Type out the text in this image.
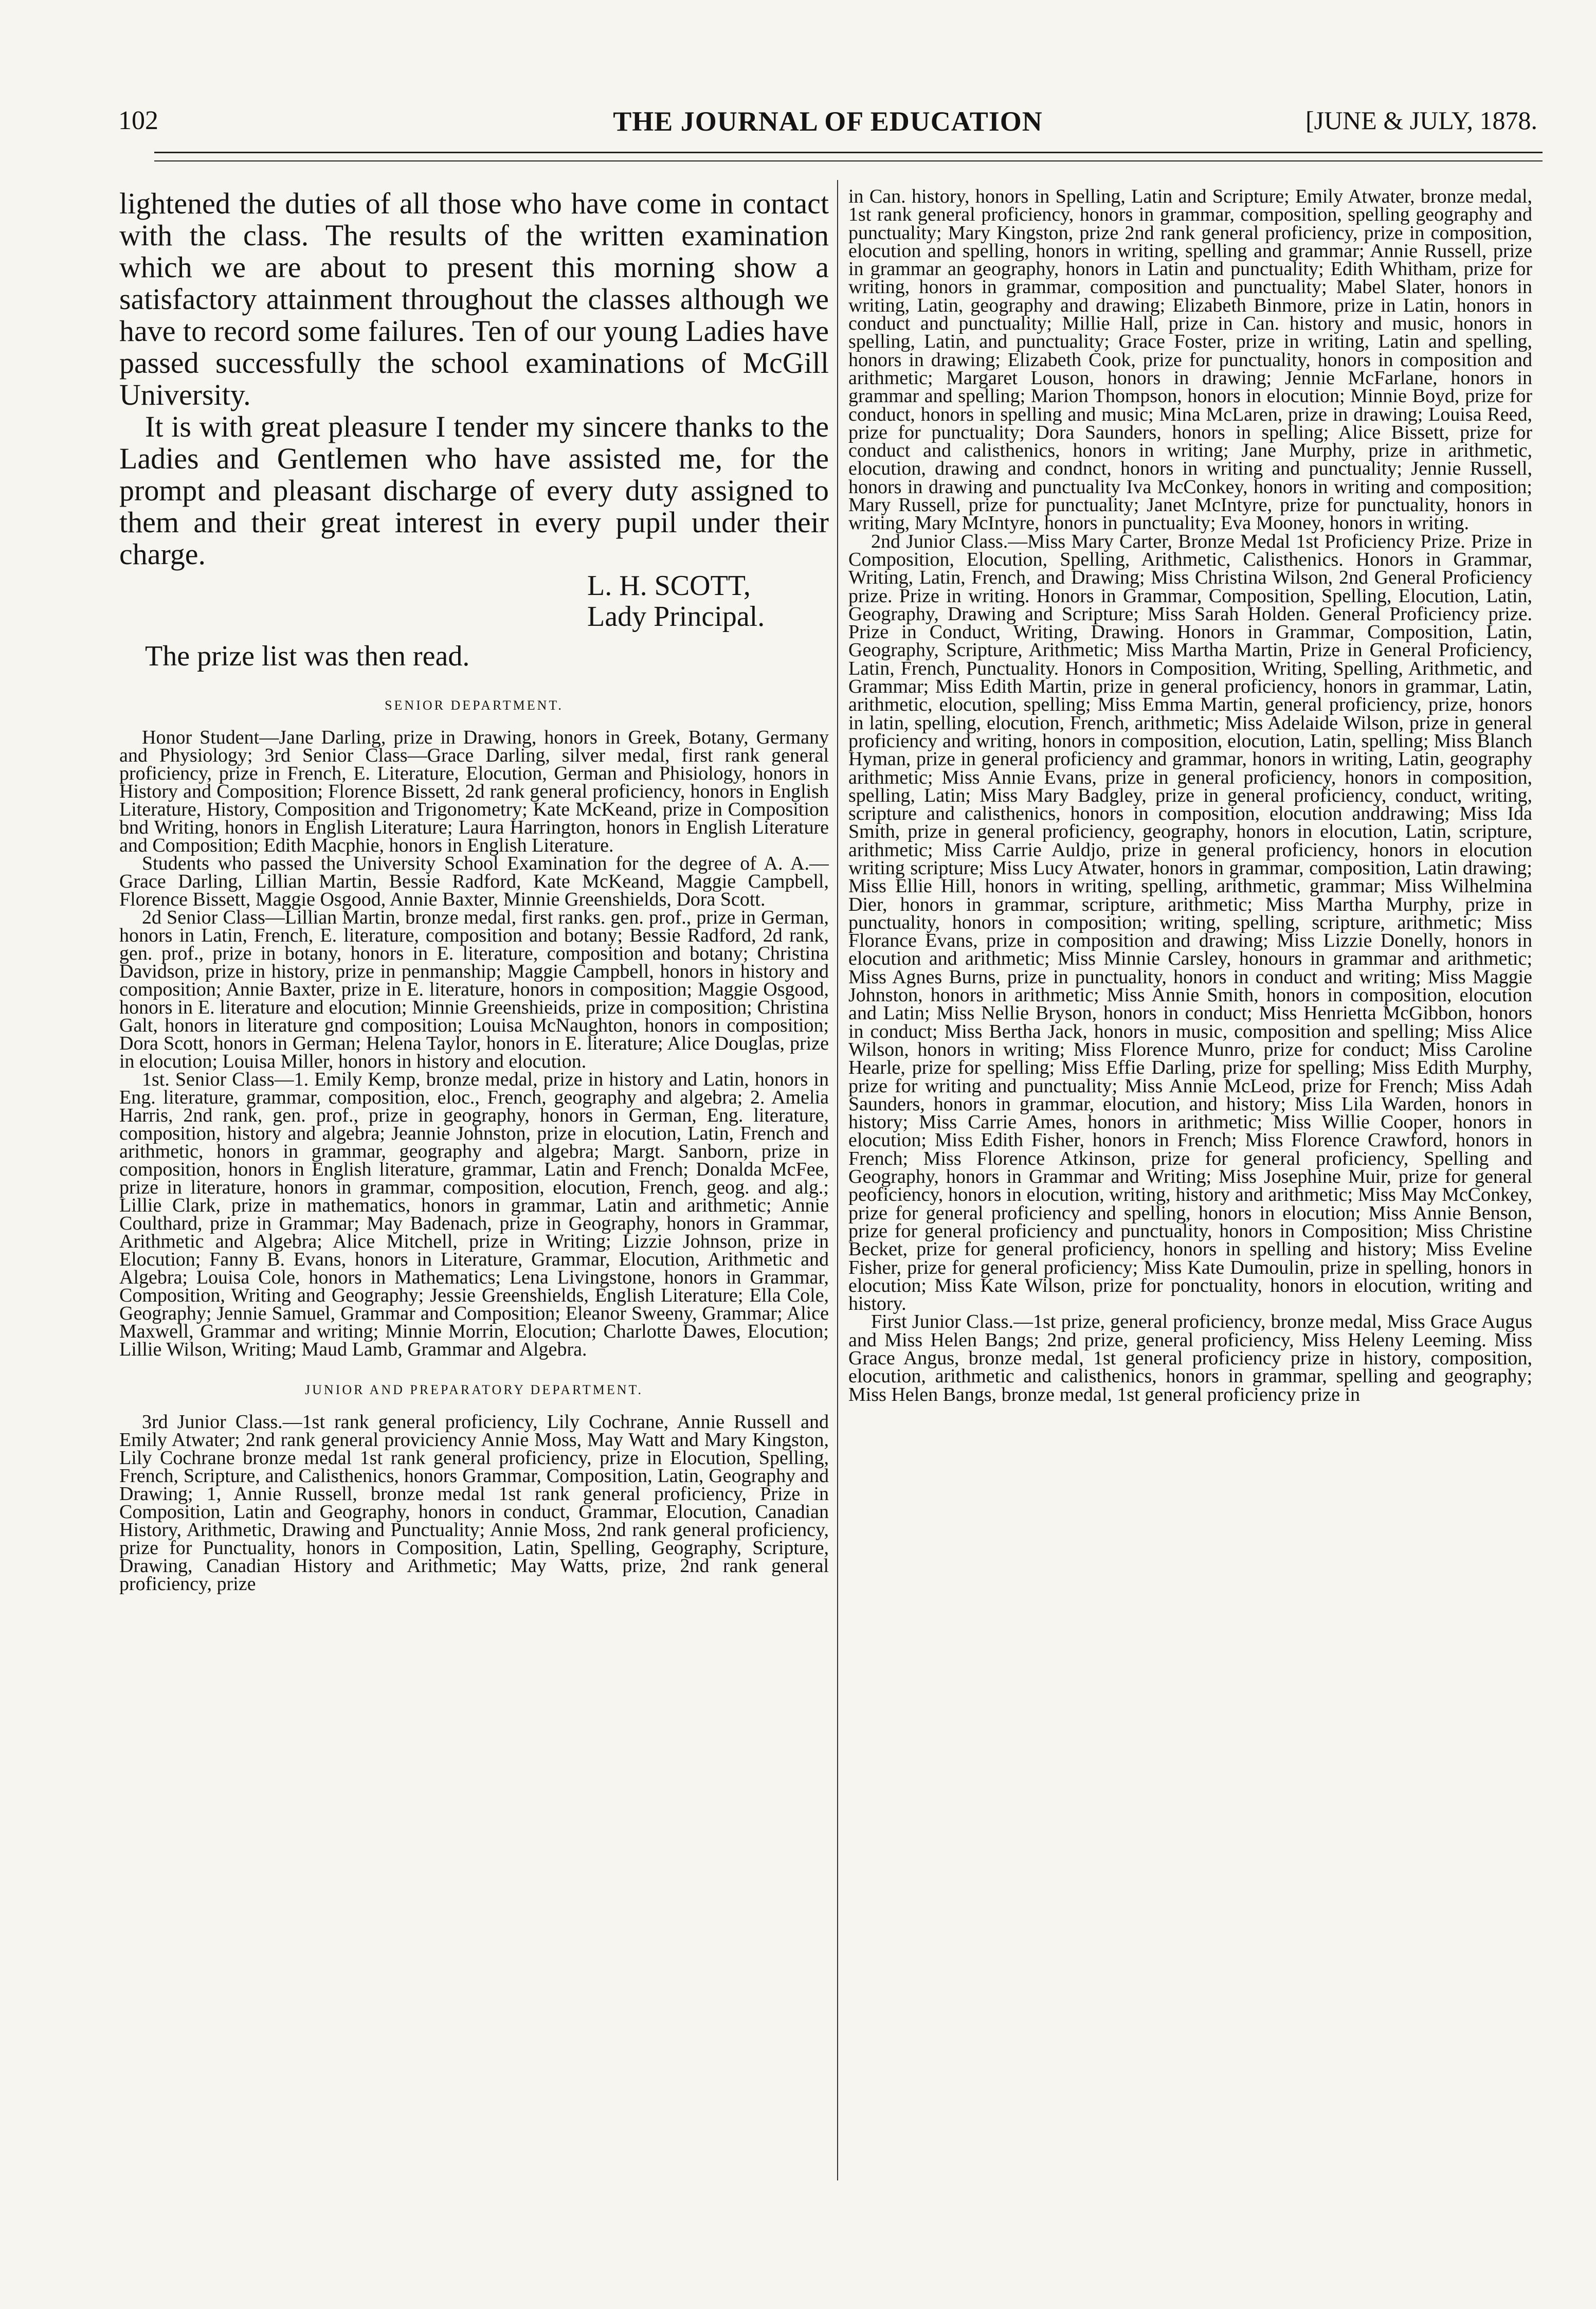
102	THE JOURNAL OF EDUCATION	[JUNE & JULY, 1878.

lightened the duties of all those who have come in contact with the class. The results of the written examination which we are about to present this morning show a satisfactory attainment throughout the classes although we have to record some failures. Ten of our young Ladies have passed successfully the school examinations of McGill University.

It is with great pleasure I tender my sincere thanks to the Ladies and Gentlemen who have assisted me, for the prompt and pleasant discharge of every duty assigned to them and their great interest in every pupil under their charge.

L. H. SCOTT,
Lady Principal.
The prize list was then read.
SENIOR DEPARTMENT.

Honor Student—Jane Darling, prize in Drawing, honors in Greek, Botany, Germany and Physiology; 3rd Senior Class—Grace Darling, silver medal, first rank general proficiency, prize in French, E. Literature, Elocution, German and Phisiology, honors in History and Composition; Florence Bissett, 2d rank general proficiency, honors in English Literature, History, Composition and Trigonometry; Kate McKeand, prize in Composition bnd Writing, honors in English Literature; Laura Harrington, honors in English Literature and Composition; Edith Macphie, honors in English Literature.

Students who passed the University School Examination for the degree of A. A.—Grace Darling, Lillian Martin, Bessie Radford, Kate McKeand, Maggie Campbell, Florence Bissett, Maggie Osgood, Annie Baxter, Minnie Greenshields, Dora Scott.

2d Senior Class—Lillian Martin, bronze medal, first ranks. gen. prof., prize in German, honors in Latin, French, E. literature, composition and botany; Bessie Radford, 2d rank, gen. prof., prize in botany, honors in E. literature, composition and botany; Christina Davidson, prize in history, prize in penmanship; Maggie Campbell, honors in history and composition; Annie Baxter, prize in E. literature, honors in composition; Maggie Osgood, honors in E. literature and elocution; Minnie Greenshieids, prize in composition; Christina Galt, honors in literature gnd composition; Louisa McNaughton, honors in composition; Dora Scott, honors in German; Helena Taylor, honors in E. literature; Alice Douglas, prize in elocution; Louisa Miller, honors in history and elocution.

1st. Senior Class—1. Emily Kemp, bronze medal, prize in history and Latin, honors in Eng. literature, grammar, composition, eloc., French, geography and algebra; 2. Amelia Harris, 2nd rank, gen. prof., prize in geography, honors in German, Eng. literature, composition, history and algebra; Jeannie Johnston, prize in elocution, Latin, French and arithmetic, honors in grammar, geography and algebra; Margt. Sanborn, prize in composition, honors in English literature, grammar, Latin and French; Donalda McFee, prize in literature, honors in grammar, composition, elocution, French, geog. and alg.; Lillie Clark, prize in mathematics, honors in grammar, Latin and arithmetic; Annie Coulthard, prize in Grammar; May Badenach, prize in Geography, honors in Grammar, Arithmetic and Algebra; Alice Mitchell, prize in Writing; Lizzie Johnson, prize in Elocution; Fanny B. Evans, honors in Literature, Grammar, Elocution, Arithmetic and Algebra; Louisa Cole, honors in Mathematics; Lena Livingstone, honors in Grammar, Composition, Writing and Geography; Jessie Greenshields, English Literature; Ella Cole, Geography; Jennie Samuel, Grammar and Composition; Eleanor Sweeny, Grammar; Alice Maxwell, Grammar and writing; Minnie Morrin, Elocution; Charlotte Dawes, Elocution; Lillie Wilson, Writing; Maud Lamb, Grammar and Algebra.

JUNIOR AND PREPARATORY DEPARTMENT.

3rd Junior Class.—1st rank general proficiency, Lily Cochrane, Annie Russell and Emily Atwater; 2nd rank general proviciency Annie Moss, May Watt and Mary Kingston, Lily Cochrane bronze medal 1st rank general proficiency, prize in Elocution, Spelling, French, Scripture, and Calisthenics, honors Grammar, Composition, Latin, Geography and Drawing; 1, Annie Russell, bronze medal 1st rank general proficiency, Prize in Composition, Latin and Geography, honors in conduct, Grammar, Elocution, Canadian History, Arithmetic, Drawing and Punctuality; Annie Moss, 2nd rank general proficiency, prize for Punctuality, honors in Composition, Latin, Spelling, Geography, Scripture, Drawing, Canadian History and Arithmetic; May Watts, prize, 2nd rank general proficiency, prize

in Can. history, honors in Spelling, Latin and Scripture; Emily Atwater, bronze medal, 1st rank general proficiency, honors in grammar, composition, spelling geography and punctuality; Mary Kingston, prize 2nd rank general proficiency, prize in composition, elocution and spelling, honors in writing, spelling and grammar; Annie Russell, prize in grammar an geography, honors in Latin and punctuality; Edith Whitham, prize for writing, honors in grammar, composition and punctuality; Mabel Slater, honors in writing, Latin, geography and drawing; Elizabeth Binmore, prize in Latin, honors in conduct and punctuality; Millie Hall, prize in Can. history and music, honors in spelling, Latin, and punctuality; Grace Foster, prize in writing, Latin and spelling, honors in drawing; Elizabeth Cook, prize for punctuality, honors in composition and arithmetic; Margaret Louson, honors in drawing; Jennie McFarlane, honors in grammar and spelling; Marion Thompson, honors in elocution; Minnie Boyd, prize for conduct, honors in spelling and music; Mina McLaren, prize in drawing; Louisa Reed, prize for punctuality; Dora Saunders, honors in spelling; Alice Bissett, prize for conduct and calisthenics, honors in writing; Jane Murphy, prize in arithmetic, elocution, drawing and condnct, honors in writing and punctuality; Jennie Russell, honors in drawing and punctuality Iva McConkey, honors in writing and composition; Mary Russell, prize for punctuality; Janet McIntyre, prize for punctuality, honors in writing, Mary McIntyre, honors in punctuality; Eva Mooney, honors in writing.

2nd Junior Class.—Miss Mary Carter, Bronze Medal 1st Proficiency Prize. Prize in Composition, Elocution, Spelling, Arithmetic, Calisthenics. Honors in Grammar, Writing, Latin, French, and Drawing; Miss Christina Wilson, 2nd General Proficiency prize. Prize in writing. Honors in Grammar, Composition, Spelling, Elocution, Latin, Geography, Drawing and Scripture; Miss Sarah Holden. General Proficiency prize. Prize in Conduct, Writing, Drawing. Honors in Grammar, Composition, Latin, Geography, Scripture, Arithmetic; Miss Martha Martin, Prize in General Proficiency, Latin, French, Punctuality. Honors in Composition, Writing, Spelling, Arithmetic, and Grammar; Miss Edith Martin, prize in general proficiency, honors in grammar, Latin, arithmetic, elocution, spelling; Miss Emma Martin, general proficiency, prize, honors in latin, spelling, elocution, French, arithmetic; Miss Adelaide Wilson, prize in general proficiency and writing, honors in composition, elocution, Latin, spelling; Miss Blanch Hyman, prize in general proficiency and grammar, honors in writing, Latin, geography arithmetic; Miss Annie Evans, prize in general proficiency, honors in composition, spelling, Latin; Miss Mary Badgley, prize in general proficiency, conduct, writing, scripture and calisthenics, honors in composition, elocution anddrawing; Miss Ida Smith, prize in general proficiency, geography, honors in elocution, Latin, scripture, arithmetic; Miss Carrie Auldjo, prize in general proficiency, honors in elocution writing scripture; Miss Lucy Atwater, honors in grammar, composition, Latin drawing; Miss Ellie Hill, honors in writing, spelling, arithmetic, grammar; Miss Wilhelmina Dier, honors in grammar, scripture, arithmetic; Miss Martha Murphy, prize in punctuality, honors in composition; writing, spelling, scripture, arithmetic; Miss Florance Evans, prize in composition and drawing; Miss Lizzie Donelly, honors in elocution and arithmetic; Miss Minnie Carsley, honours in grammar and arithmetic; Miss Agnes Burns, prize in punctuality, honors in conduct and writing; Miss Maggie Johnston, honors in arithmetic; Miss Annie Smith, honors in composition, elocution and Latin; Miss Nellie Bryson, honors in conduct; Miss Henrietta McGibbon, honors in conduct; Miss Bertha Jack, honors in music, composition and spelling; Miss Alice Wilson, honors in writing; Miss Florence Munro, prize for conduct; Miss Caroline Hearle, prize for spelling; Miss Effie Darling, prize for spelling; Miss Edith Murphy, prize for writing and punctuality; Miss Annie McLeod, prize for French; Miss Adah Saunders, honors in grammar, elocution, and history; Miss Lila Warden, honors in history; Miss Carrie Ames, honors in arithmetic; Miss Willie Cooper, honors in elocution; Miss Edith Fisher, honors in French; Miss Florence Crawford, honors in French; Miss Florence Atkinson, prize for general proficiency, Spelling and Geography, honors in Grammar and Writing; Miss Josephine Muir, prize for general peoficiency, honors in elocution, writing, history and arithmetic; Miss May McConkey, prize for general proficiency and spelling, honors in elocution; Miss Annie Benson, prize for general proficiency and punctuality, honors in Composition; Miss Christine Becket, prize for general proficiency, honors in spelling and history; Miss Eveline Fisher, prize for general proficiency; Miss Kate Dumoulin, prize in spelling, honors in elocution; Miss Kate Wilson, prize for ponctuality, honors in elocution, writing and history.

First Junior Class.—1st prize, general proficiency, bronze medal, Miss Grace Augus and Miss Helen Bangs; 2nd prize, general proficiency, Miss Heleny Leeming. Miss Grace Angus, bronze medal, 1st general proficiency prize in history, composition, elocution, arithmetic and calisthenics, honors in grammar, spelling and geography; Miss Helen Bangs, bronze medal, 1st general proficiency prize in
